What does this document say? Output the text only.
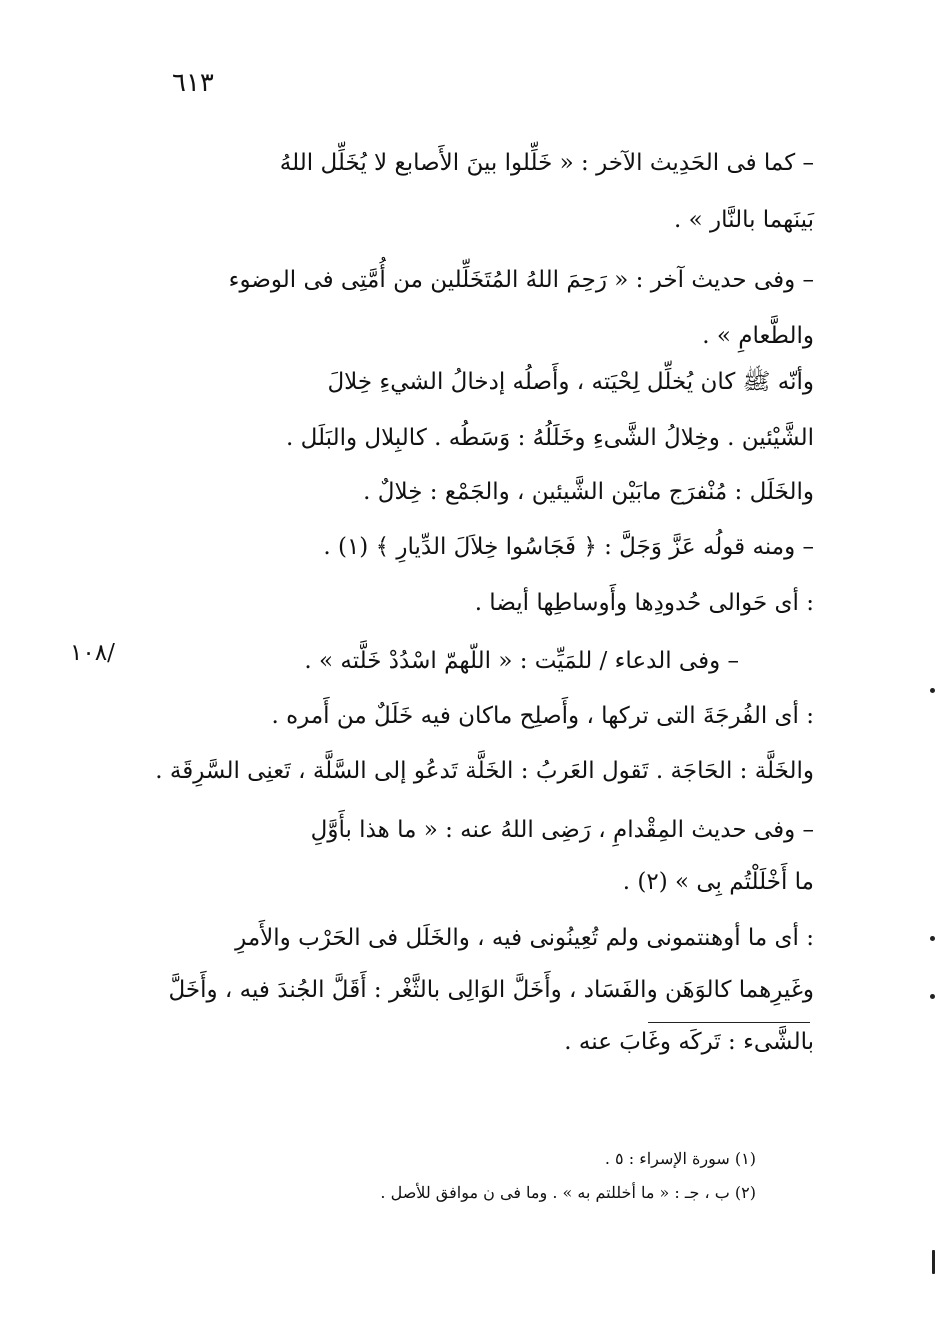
٦١٣
– كما فى الحَدِيث الآخر : « خَلِّلوا بينَ الأَصابع لا يُخَلِّل اللهُ
بَينَهما بالنَّار » .
– وفى حديث آخر : « رَحِمَ اللهُ المُتَخَلِّلين من أُمَّتِى فى الوضوء
والطَّعامِ » .
وأنّه ﷺ كان يُخلِّل لِحْيَته ، وأَصلُه إدخالُ الشيءِ خِلالَ
الشَّيْئين . وخِلالُ الشَّىءِ وخَلَلُهُ : وَسَطُه . كالبِلال والبَلَل .
والخَلَل : مُنْفرَج مابَيْن الشَّيئين ، والجَمْع : خِلالٌ .
– ومنه قولُه عَزَّ وَجَلَّ : ﴿ فَجَاسُوا خِلاَلَ الدِّيارِ ﴾ (١) .
: أى حَوالى حُدودِها وأَوساطِها أيضا .
– وفى الدعاء / للمَيِّت : « اللّهمّ اسْدُدْ خَلَّته » .
: أى الفُرجَةَ التى تركها ، وأَصلِح ماكان فيه خَلَلٌ من أَمره .
والخَلَّة : الحَاجَة . تَقول العَربُ : الخَلَّة تَدعُو إلى السَّلَّة ، تَعنِى السَّرِقَة .
– وفى حديث المِقْدامِ ، رَضِى اللهُ عنه : « ما هذا بأَوَّلِ
ما أَخْلَلْتُم بِى » (٢) .
: أى ما أوهنتمونى ولم تُعِينُونى فيه ، والخَلَل فى الحَرْب والأَمرِ
وغَيرِهما كالوَهَن والفَسَاد ، وأَخَلَّ الوَالِى بالثَّغْر : أَقَلَّ الجُندَ فيه ، وأَخَلَّ
بالشَّىء : تَركَه وغَابَ عنه .
/١٠٨
(١) سورة الإسراء : ٥ .
(٢) ب ، جـ : « ما أخللتم به » . وما فى ن موافق للأصل .
